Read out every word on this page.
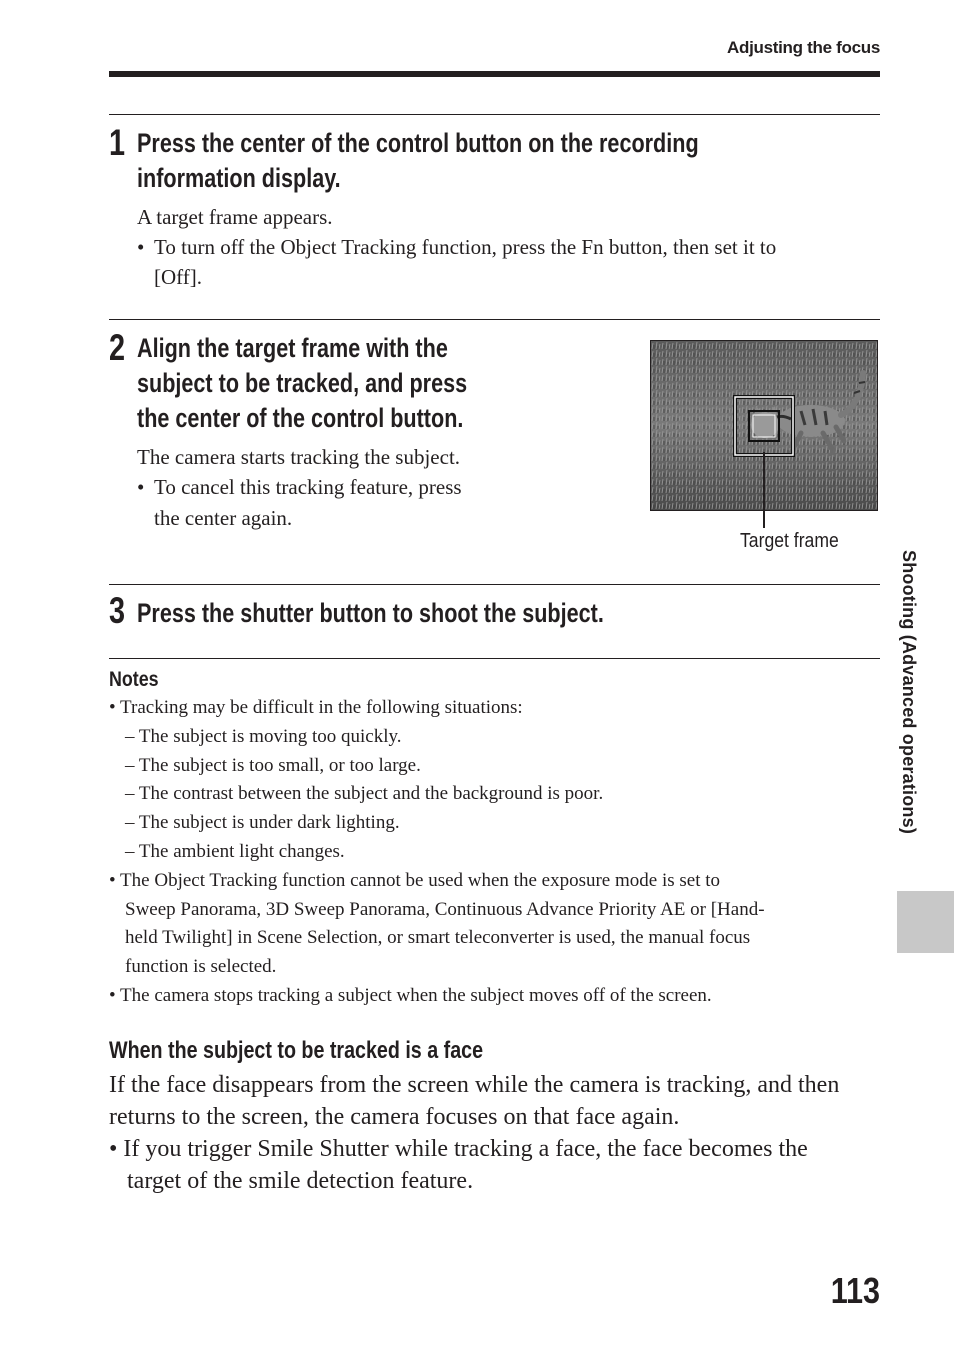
Adjusting the focus
1 Press the center of the control button on the recording
information display.
A target frame appears.
• To turn off the Object Tracking function, press the Fn button, then set it to
[Off].
2 Align the target frame with the
subject to be tracked, and press
the center of the control button.
The camera starts tracking the subject.
• To cancel this tracking feature, press
the center again.
Target frame
3 Press the shutter button to shoot the subject.
Notes
• Tracking may be difficult in the following situations:
– The subject is moving too quickly.
– The subject is too small, or too large.
– The contrast between the subject and the background is poor.
– The subject is under dark lighting.
– The ambient light changes.
• The Object Tracking function cannot be used when the exposure mode is set to
Sweep Panorama, 3D Sweep Panorama, Continuous Advance Priority AE or [Hand-
held Twilight] in Scene Selection, or smart teleconverter is used, the manual focus
function is selected.
• The camera stops tracking a subject when the subject moves off of the screen.
When the subject to be tracked is a face
If the face disappears from the screen while the camera is tracking, and then
returns to the screen, the camera focuses on that face again.
• If you trigger Smile Shutter while tracking a face, the face becomes the
target of the smile detection feature.
Shooting (Advanced operations)
113
